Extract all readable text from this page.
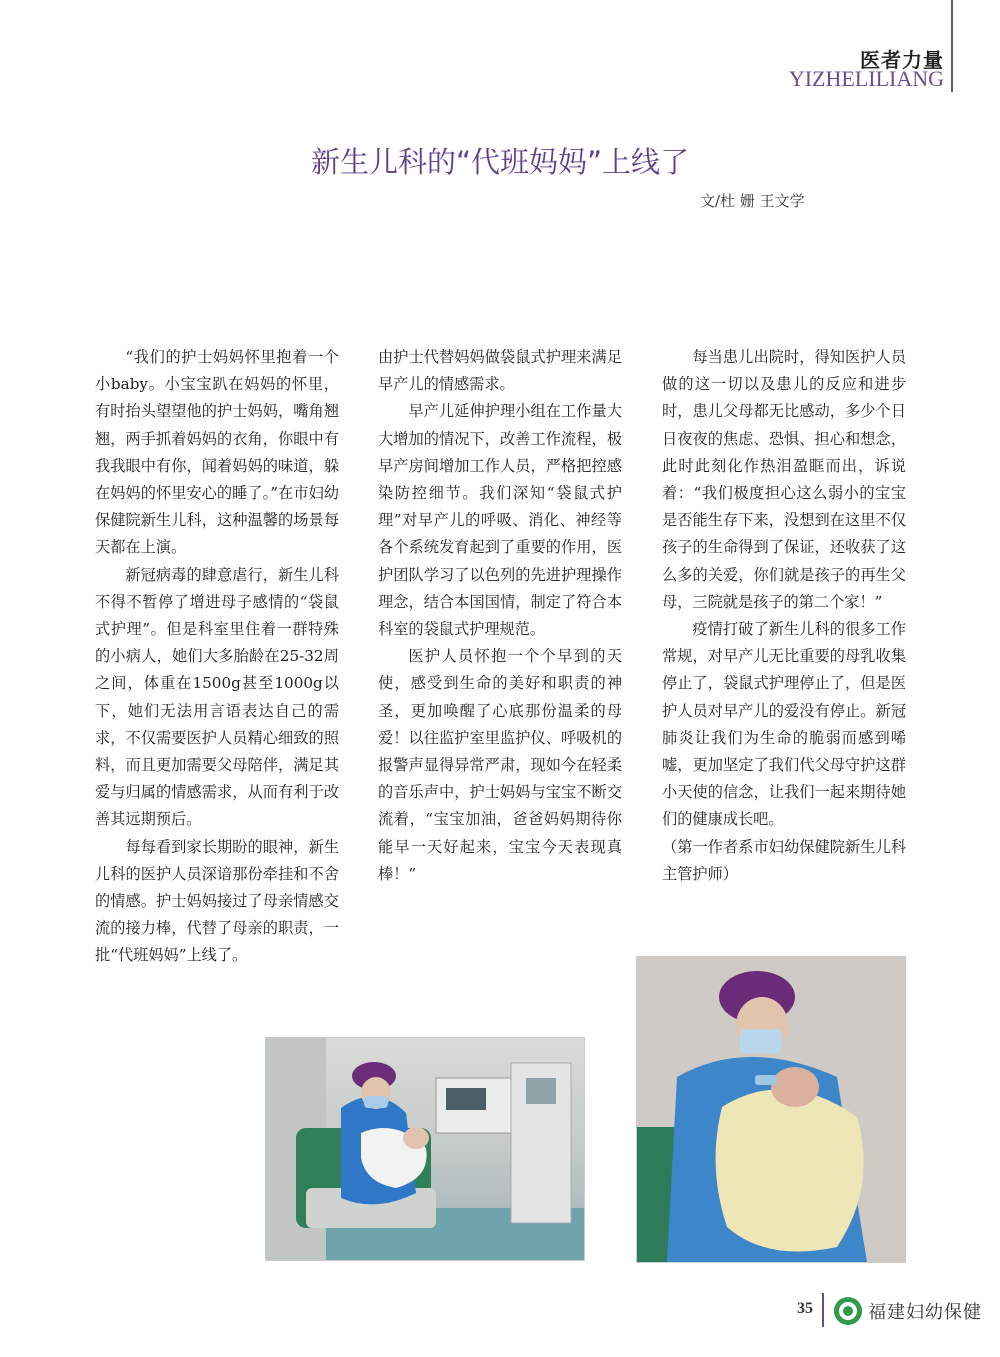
医者力量
YIZHELILIANG
新生儿科的“代班妈妈”上线了
文/杜 姗 王文学

“我们的护士妈妈怀里抱着一个小baby。小宝宝趴在妈妈的怀里，有时抬头望望他的护士妈妈，嘴角翘翘，两手抓着妈妈的衣角，你眼中有我我眼中有你，闻着妈妈的味道，躲在妈妈的怀里安心的睡了。”在市妇幼保健院新生儿科，这种温馨的场景每天都在上演。

新冠病毒的肆意虐行，新生儿科不得不暂停了增进母子感情的“袋鼠式护理”。但是科室里住着一群特殊的小病人，她们大多胎龄在25-32周之间，体重在1500g甚至1000g以下，她们无法用言语表达自己的需求，不仅需要医护人员精心细致的照料，而且更加需要父母陪伴，满足其爱与归属的情感需求，从而有利于改善其远期预后。

每每看到家长期盼的眼神，新生儿科的医护人员深谙那份牵挂和不舍的情感。护士妈妈接过了母亲情感交流的接力棒，代替了母亲的职责，一批“代班妈妈”上线了。

由护士代替妈妈做袋鼠式护理来满足早产儿的情感需求。

早产儿延伸护理小组在工作量大大增加的情况下，改善工作流程，极早产房间增加工作人员，严格把控感染防控细节。我们深知“袋鼠式护理”对早产儿的呼吸、消化、神经等各个系统发育起到了重要的作用，医护团队学习了以色列的先进护理操作理念，结合本国国情，制定了符合本科室的袋鼠式护理规范。

医护人员怀抱一个个早到的天使，感受到生命的美好和职责的神圣，更加唤醒了心底那份温柔的母爱！以往监护室里监护仪、呼吸机的报警声显得异常严肃，现如今在轻柔的音乐声中，护士妈妈与宝宝不断交流着，“宝宝加油，爸爸妈妈期待你能早一天好起来，宝宝今天表现真棒！”

每当患儿出院时，得知医护人员做的这一切以及患儿的反应和进步时，患儿父母都无比感动，多少个日日夜夜的焦虑、恐惧、担心和想念，此时此刻化作热泪盈眶而出，诉说着：“我们极度担心这么弱小的宝宝是否能生存下来，没想到在这里不仅孩子的生命得到了保证，还收获了这么多的关爱，你们就是孩子的再生父母，三院就是孩子的第二个家！”

疫情打破了新生儿科的很多工作常规，对早产儿无比重要的母乳收集停止了，袋鼠式护理停止了，但是医护人员对早产儿的爱没有停止。新冠肺炎让我们为生命的脆弱而感到唏嘘，更加坚定了我们代父母守护这群小天使的信念，让我们一起来期待她们的健康成长吧。

（第一作者系市妇幼保健院新生儿科主管护师）

35	福建妇幼保健
